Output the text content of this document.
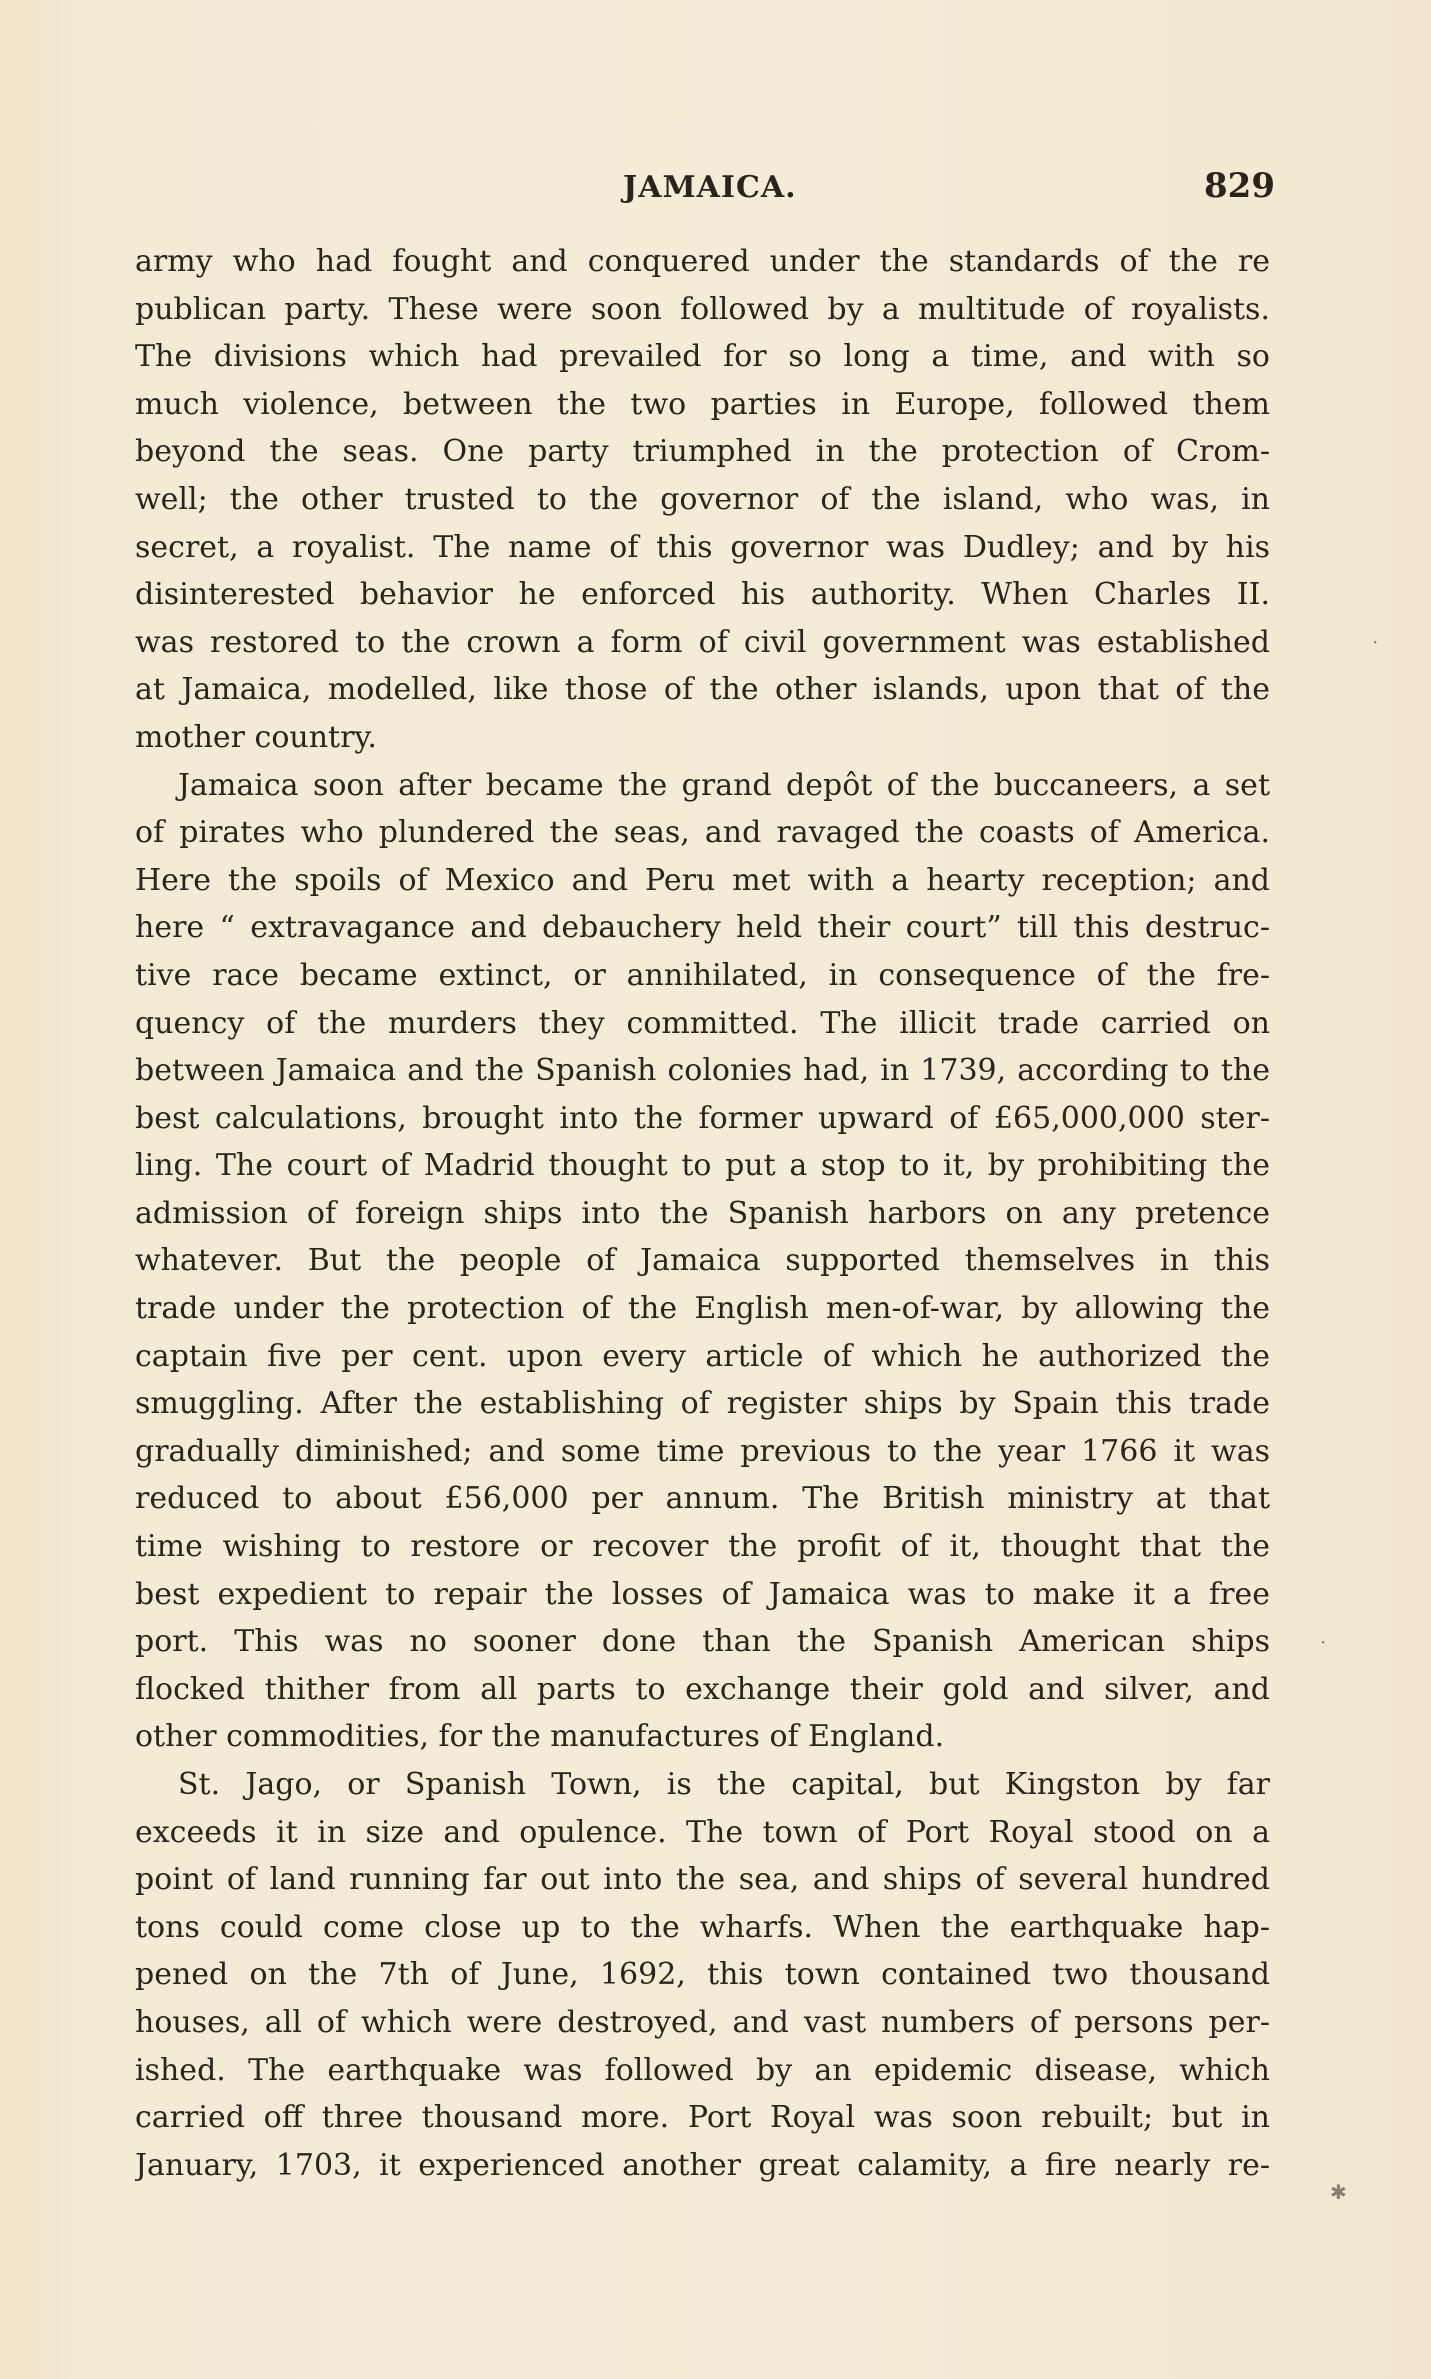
JAMAICA.	829
army who had fought and conquered under the standards of the re
publican party. These were soon followed by a multitude of royalists.
The divisions which had prevailed for so long a time, and with so
much violence, between the two parties in Europe, followed them
beyond the seas. One party triumphed in the protection of Crom-
well; the other trusted to the governor of the island, who was, in
secret, a royalist. The name of this governor was Dudley; and by his
disinterested behavior he enforced his authority. When Charles II.
was restored to the crown a form of civil government was established
at Jamaica, modelled, like those of the other islands, upon that of the
mother country.
Jamaica soon after became the grand depôt of the buccaneers, a set
of pirates who plundered the seas, and ravaged the coasts of America.
Here the spoils of Mexico and Peru met with a hearty reception; and
here “ extravagance and debauchery held their court” till this destruc-
tive race became extinct, or annihilated, in consequence of the fre-
quency of the murders they committed. The illicit trade carried on
between Jamaica and the Spanish colonies had, in 1739, according to the
best calculations, brought into the former upward of £65,000,000 ster-
ling. The court of Madrid thought to put a stop to it, by prohibiting the
admission of foreign ships into the Spanish harbors on any pretence
whatever. But the people of Jamaica supported themselves in this
trade under the protection of the English men-of-war, by allowing the
captain five per cent. upon every article of which he authorized the
smuggling. After the establishing of register ships by Spain this trade
gradually diminished; and some time previous to the year 1766 it was
reduced to about £56,000 per annum. The British ministry at that
time wishing to restore or recover the profit of it, thought that the
best expedient to repair the losses of Jamaica was to make it a free
port. This was no sooner done than the Spanish American ships
flocked thither from all parts to exchange their gold and silver, and
other commodities, for the manufactures of England.
St. Jago, or Spanish Town, is the capital, but Kingston by far
exceeds it in size and opulence. The town of Port Royal stood on a
point of land running far out into the sea, and ships of several hundred
tons could come close up to the wharfs. When the earthquake hap-
pened on the 7th of June, 1692, this town contained two thousand
houses, all of which were destroyed, and vast numbers of persons per-
ished. The earthquake was followed by an epidemic disease, which
carried off three thousand more. Port Royal was soon rebuilt; but in
January, 1703, it experienced another great calamity, a fire nearly re-
·
·
✱
